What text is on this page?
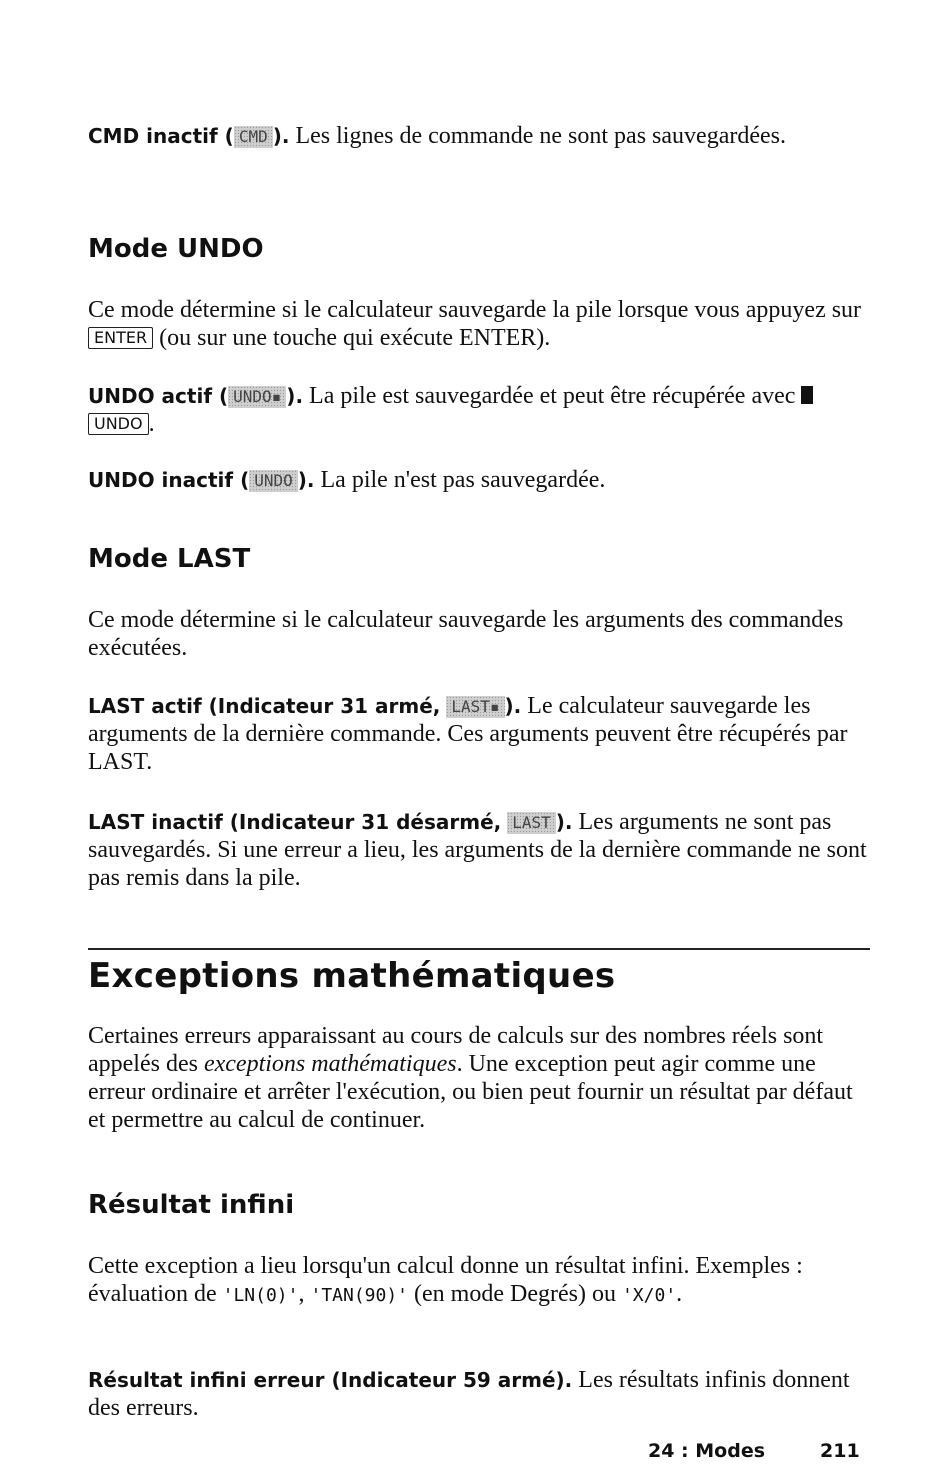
CMD inactif ( CMD ). Les lignes de commande ne sont pas sauvegardées.

Mode UNDO

Ce mode détermine si le calculateur sauvegarde la pile lorsque vous appuyez sur ENTER (ou sur une touche qui exécute ENTER).

UNDO actif ( UNDO▪ ). La pile est sauvegardée et peut être récupérée avec UNDO .

UNDO inactif ( UNDO ). La pile n'est pas sauvegardée.

Mode LAST

Ce mode détermine si le calculateur sauvegarde les arguments des commandes exécutées.

LAST actif (Indicateur 31 armé, LAST▪ ). Le calculateur sauvegarde les arguments de la dernière commande. Ces arguments peuvent être récupérés par LAST.

LAST inactif (Indicateur 31 désarmé, LAST ). Les arguments ne sont pas sauvegardés. Si une erreur a lieu, les arguments de la dernière commande ne sont pas remis dans la pile.

Exceptions mathématiques

Certaines erreurs apparaissant au cours de calculs sur des nombres réels sont appelés des exceptions mathématiques. Une exception peut agir comme une erreur ordinaire et arrêter l'exécution, ou bien peut fournir un résultat par défaut et permettre au calcul de continuer.

Résultat infini

Cette exception a lieu lorsqu'un calcul donne un résultat infini. Exemples : évaluation de 'LN(0)', 'TAN(90)' (en mode Degrés) ou 'X/0'.

Résultat infini erreur (Indicateur 59 armé). Les résultats infinis donnent des erreurs.

24 : Modes	211
